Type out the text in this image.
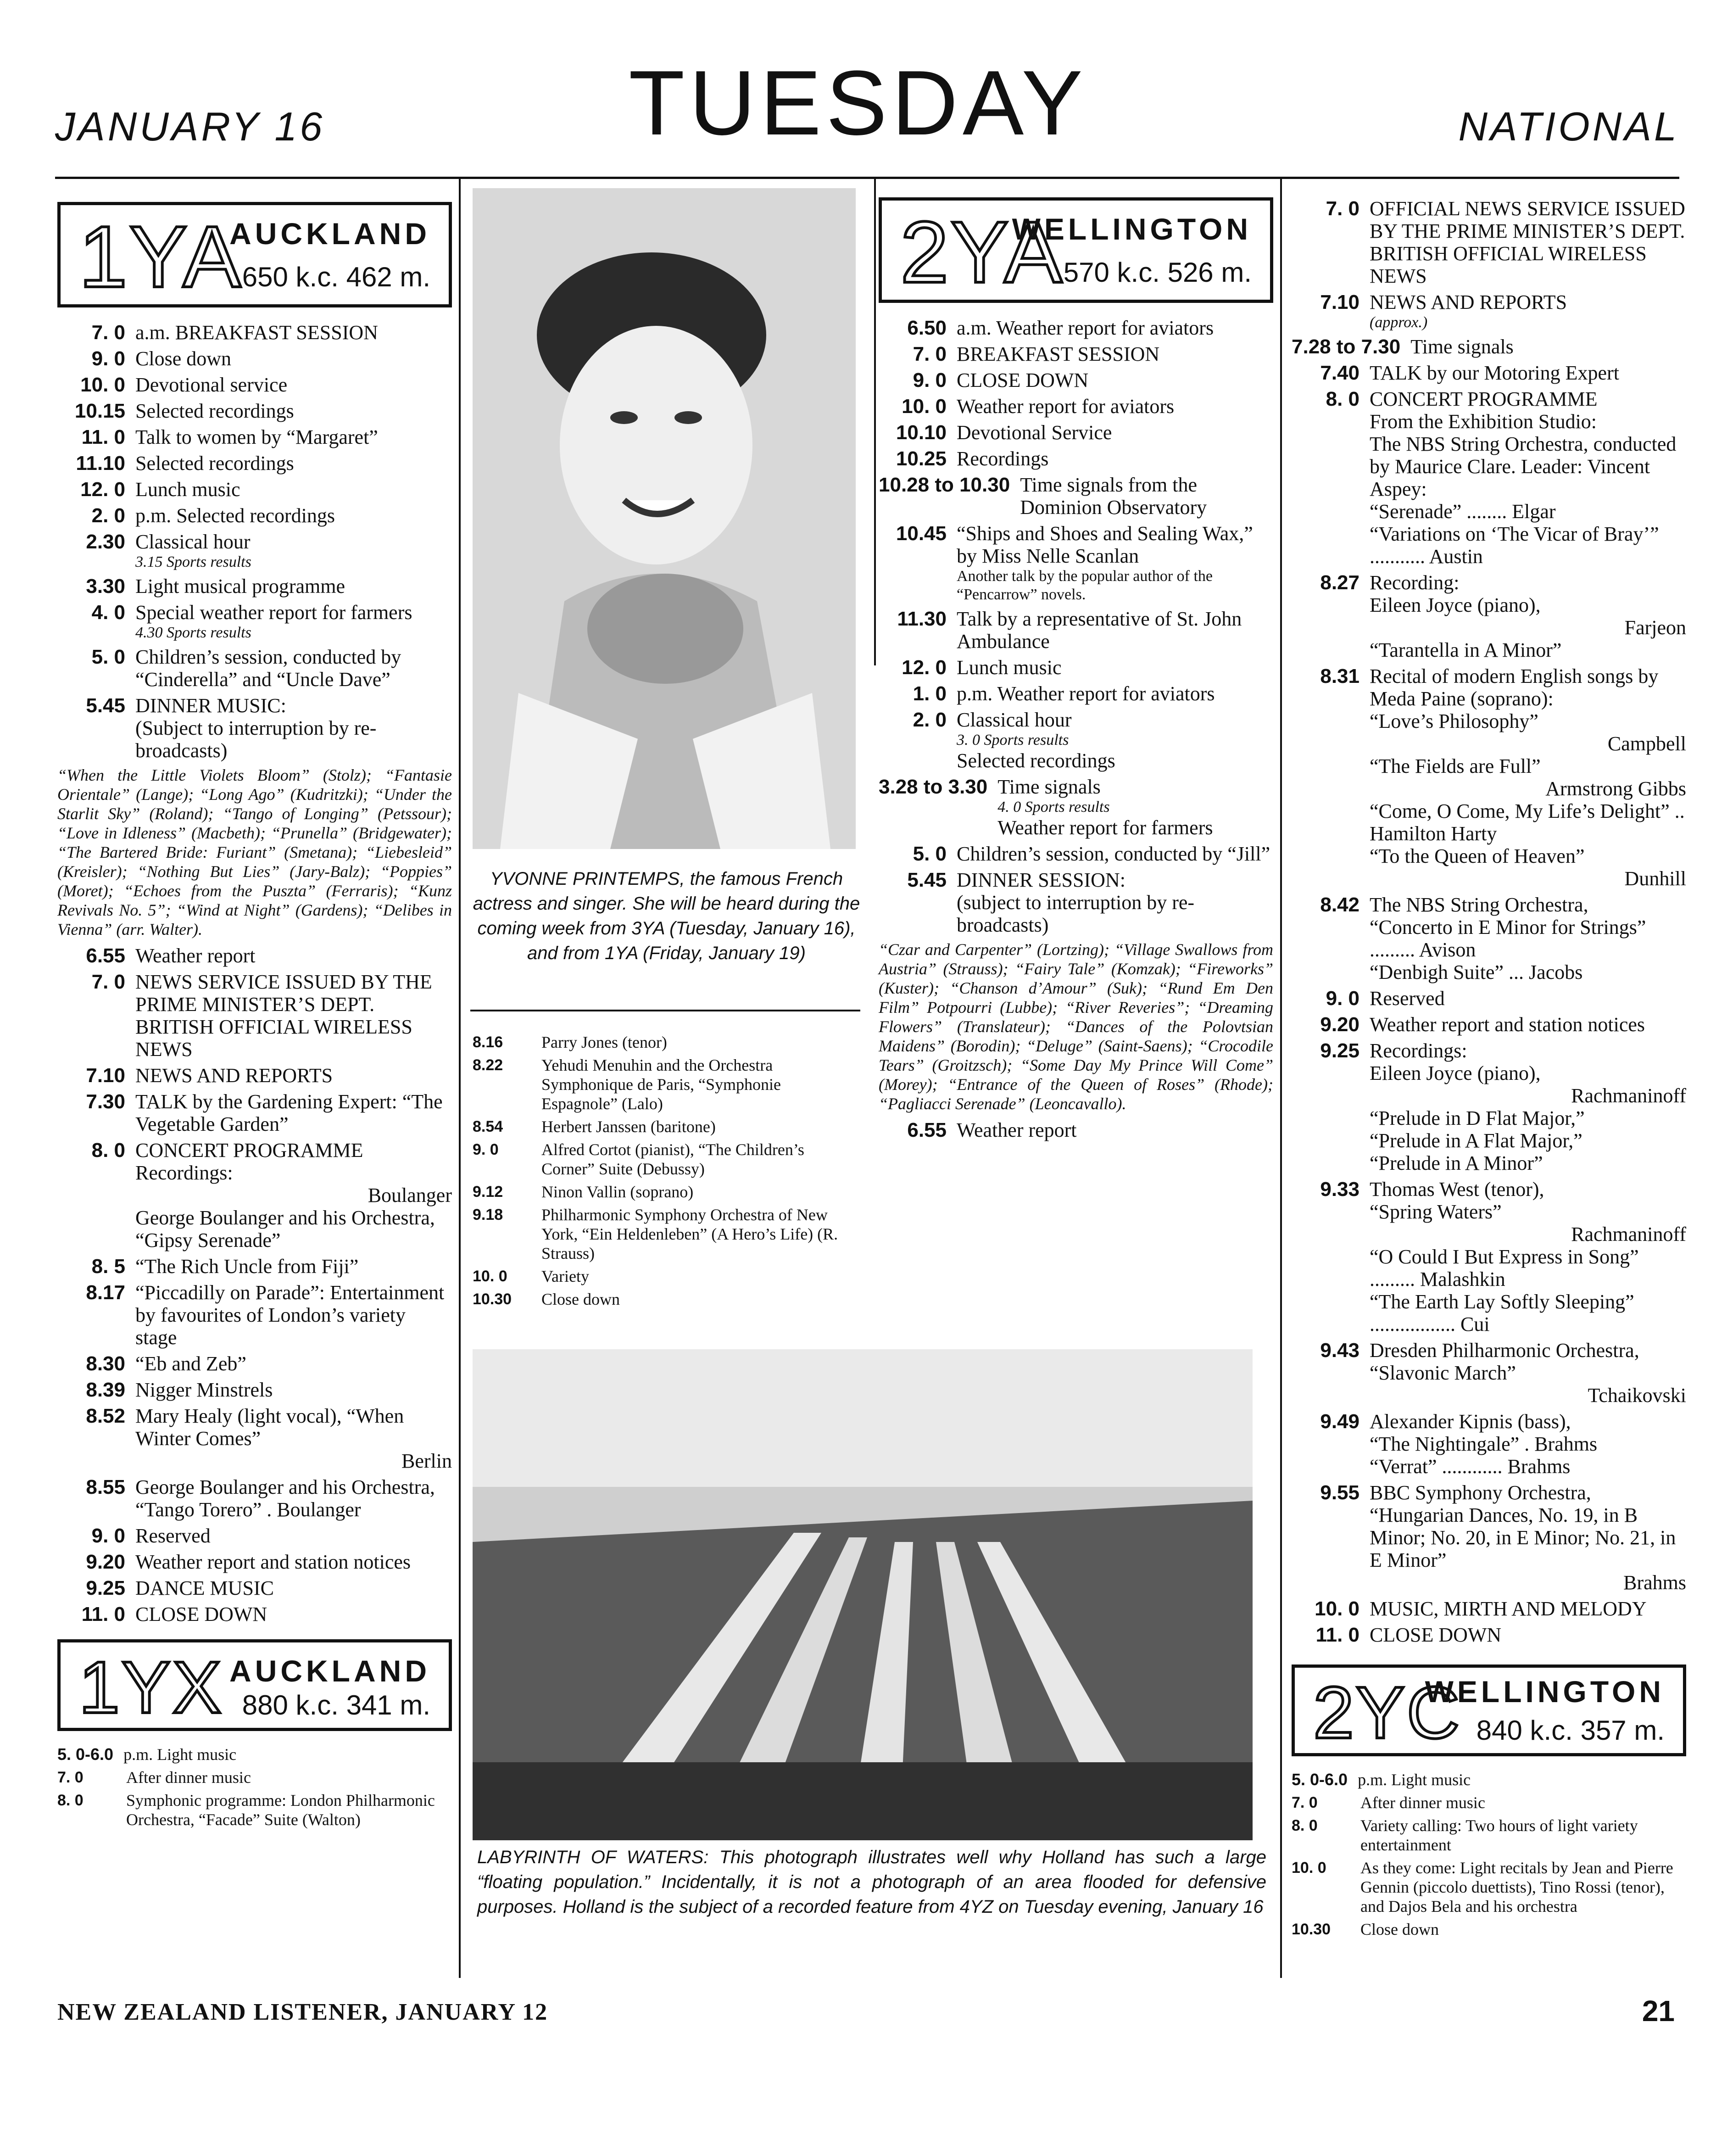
JANUARY 16	TUESDAY	NATIONAL
1YA
AUCKLAND
650 k.c. 462 m.
7. 0 a.m. BREAKFAST SESSION
9. 0 Close down
10. 0 Devotional service
10.15 Selected recordings
11. 0 Talk to women by “Margaret”
11.10 Selected recordings
12. 0 Lunch music
2. 0 p.m. Selected recordings
2.30 Classical hour
3.15 Sports results
3.30 Light musical programme
4. 0 Special weather report for farmers
4.30 Sports results
5. 0 Children’s session, conducted by “Cinderella” and “Uncle Dave”
5.45 DINNER MUSIC:
(Subject to interruption by re-broadcasts)
“When the Little Violets Bloom” (Stolz); “Fantasie Orientale” (Lange); “Long Ago” (Kudritzki); “Under the Starlit Sky” (Roland); “Tango of Longing” (Petssour); “Love in Idleness” (Macbeth); “Prunella” (Bridgewater); “The Bartered Bride: Furiant” (Smetana); “Liebesleid” (Kreisler); “Nothing But Lies” (Jary-Balz); “Poppies” (Moret); “Echoes from the Puszta” (Ferraris); “Kunz Revivals No. 5”; “Wind at Night” (Gardens); “Delibes in Vienna” (arr. Walter).
6.55 Weather report
7. 0 NEWS SERVICE ISSUED BY THE PRIME MINISTER’S DEPT. BRITISH OFFICIAL WIRELESS NEWS
7.10 NEWS AND REPORTS
7.30 TALK by the Gardening Expert: “The Vegetable Garden”
8. 0 CONCERT PROGRAMME
Recordings:
Boulanger
George Boulanger and his Orchestra,
“Gipsy Serenade”
8. 5 “The Rich Uncle from Fiji”
8.17 “Piccadilly on Parade”: Entertainment by favourites of London’s variety stage
8.30 “Eb and Zeb”
8.39 Nigger Minstrels
8.52 Mary Healy (light vocal), “When Winter Comes”
Berlin
8.55 George Boulanger and his Orchestra,
“Tango Torero” . Boulanger
9. 0 Reserved
9.20 Weather report and station notices
9.25 DANCE MUSIC
11. 0 CLOSE DOWN
1YX AUCKLAND
880 k.c. 341 m.
5. 0-6.0 p.m. Light music
7. 0	After dinner music
8. 0	Symphonic programme: London Philharmonic Orchestra, “Facade” Suite (Walton)
YVONNE PRINTEMPS, the famous French actress and singer. She will be heard during the coming week from 3YA (Tuesday, January 16), and from 1YA (Friday, January 19)
8.16	Parry Jones (tenor)
8.22	Yehudi Menuhin and the Orchestra Symphonique de Paris, “Symphonie Espagnole” (Lalo)
8.54	Herbert Janssen (baritone)
9. 0	Alfred Cortot (pianist), “The Children’s Corner” Suite (Debussy)
9.12	Ninon Vallin (soprano)
9.18	Philharmonic Symphony Orchestra of New York, “Ein Heldenleben” (A Hero’s Life) (R. Strauss)
10. 0	Variety
10.30	Close down
LABYRINTH OF WATERS: This photograph illustrates well why Holland has such a large “floating population.” Incidentally, it is not a photograph of an area flooded for defensive purposes. Holland is the subject of a recorded feature from 4YZ on Tuesday evening, January 16
2YA
WELLINGTON
570 k.c. 526 m.
6.50 a.m. Weather report for aviators
7. 0 BREAKFAST SESSION
9. 0 CLOSE DOWN
10. 0 Weather report for aviators
10.10 Devotional Service
10.25 Recordings
10.28 to 10.30 Time signals from the Dominion Observatory
10.45 “Ships and Shoes and Sealing Wax,” by Miss Nelle Scanlan
Another talk by the popular author of the “Pencarrow” novels.
11.30 Talk by a representative of St. John Ambulance
12. 0 Lunch music
1. 0 p.m. Weather report for aviators
2. 0 Classical hour
3. 0 Sports results
Selected recordings
3.28 to 3.30 Time signals
4. 0 Sports results
Weather report for farmers
5. 0 Children’s session, conducted by “Jill”
5.45 DINNER SESSION:
(subject to interruption by re-broadcasts)
“Czar and Carpenter” (Lortzing); “Village Swallows from Austria” (Strauss); “Fairy Tale” (Komzak); “Fireworks” (Kuster); “Chanson d’Amour” (Suk); “Rund Em Den Film” Potpourri (Lubbe); “River Reveries”; “Dreaming Flowers” (Translateur); “Dances of the Polovtsian Maidens” (Borodin); “Deluge” (Saint-Saens); “Crocodile Tears” (Groitzsch); “Some Day My Prince Will Come” (Morey); “Entrance of the Queen of Roses” (Rhode); “Pagliacci Serenade” (Leoncavallo).
6.55 Weather report
7. 0 OFFICIAL NEWS SERVICE ISSUED BY THE PRIME MINISTER’S DEPT. BRITISH OFFICIAL WIRELESS NEWS
7.10 NEWS AND REPORTS
(approx.)
7.28 to 7.30 Time signals
7.40 TALK by our Motoring Expert
8. 0 CONCERT PROGRAMME
From the Exhibition Studio:
The NBS String Orchestra, conducted by Maurice Clare. Leader: Vincent Aspey:
“Serenade” ........ Elgar
“Variations on ‘The Vicar of Bray’” ........... Austin
8.27 Recording:
Eileen Joyce (piano),
Farjeon
“Tarantella in A Minor”
8.31 Recital of modern English songs by Meda Paine (soprano):
“Love’s Philosophy”
Campbell
“The Fields are Full”
Armstrong Gibbs
“Come, O Come, My Life’s Delight” .. Hamilton Harty
“To the Queen of Heaven”
Dunhill
8.42 The NBS String Orchestra,
“Concerto in E Minor for Strings” ......... Avison
“Denbigh Suite” ... Jacobs
9. 0 Reserved
9.20 Weather report and station notices
9.25 Recordings:
Eileen Joyce (piano),
Rachmaninoff
“Prelude in D Flat Major,”
“Prelude in A Flat Major,”
“Prelude in A Minor”
9.33 Thomas West (tenor),
“Spring Waters”
Rachmaninoff
“O Could I But Express in Song” ......... Malashkin
“The Earth Lay Softly Sleeping” ................. Cui
9.43 Dresden Philharmonic Orchestra,
“Slavonic March”
Tchaikovski
9.49 Alexander Kipnis (bass),
“The Nightingale” . Brahms
“Verrat” ............ Brahms
9.55 BBC Symphony Orchestra,
“Hungarian Dances, No. 19, in B Minor; No. 20, in E Minor; No. 21, in E Minor”
Brahms
10. 0 MUSIC, MIRTH AND MELODY
11. 0 CLOSE DOWN
2YC
WELLINGTON
840 k.c. 357 m.
5. 0-6.0 p.m. Light music
7. 0	After dinner music
8. 0	Variety calling: Two hours of light variety entertainment
10. 0	As they come: Light recitals by Jean and Pierre Gennin (piccolo duettists), Tino Rossi (tenor), and Dajos Bela and his orchestra
10.30	Close down
NEW ZEALAND LISTENER, JANUARY 12	21
